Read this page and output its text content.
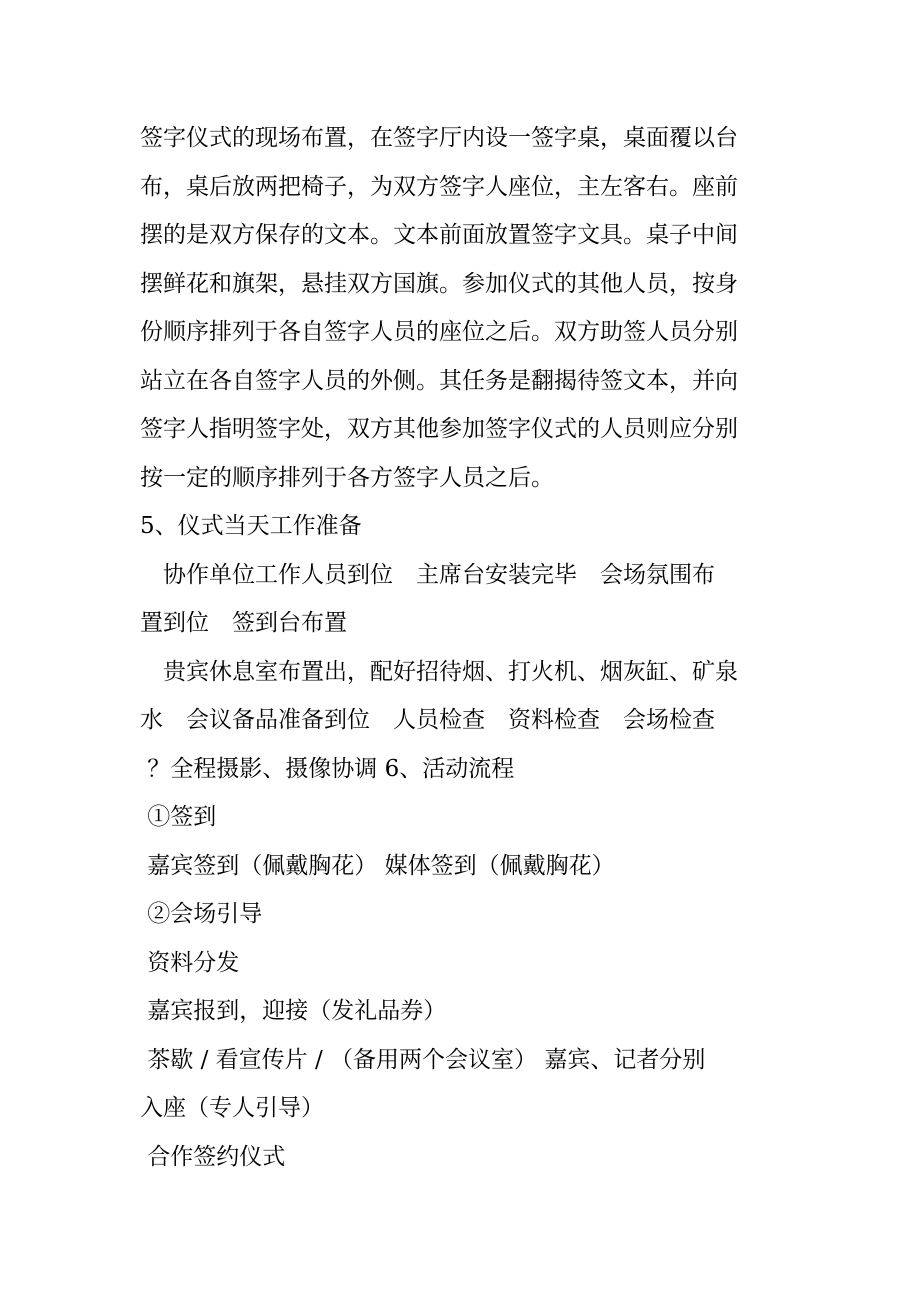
签字仪式的现场布置，在签字厅内设一签字桌，桌面覆以台
布，桌后放两把椅子，为双方签字人座位，主左客右。座前
摆的是双方保存的文本。文本前面放置签字文具。桌子中间
摆鲜花和旗架，悬挂双方国旗。参加仪式的其他人员，按身
份顺序排列于各自签字人员的座位之后。双方助签人员分别
站立在各自签字人员的外侧。其任务是翻揭待签文本，并向
签字人指明签字处，双方其他参加签字仪式的人员则应分别
按一定的顺序排列于各方签字人员之后。
5、仪式当天工作准备
　协作单位工作人员到位　主席台安装完毕　会场氛围布
置到位　签到台布置
　贵宾休息室布置出，配好招待烟、打火机、烟灰缸、矿泉
水　会议备品准备到位　人员检查　资料检查　会场检查
？全程摄影、摄像协调 6、活动流程
①签到
嘉宾签到（佩戴胸花） 媒体签到（佩戴胸花）
②会场引导
资料分发
嘉宾报到，迎接（发礼品券）
茶歇 / 看宣传片 / （备用两个会议室） 嘉宾、记者分别
入座（专人引导）
合作签约仪式
